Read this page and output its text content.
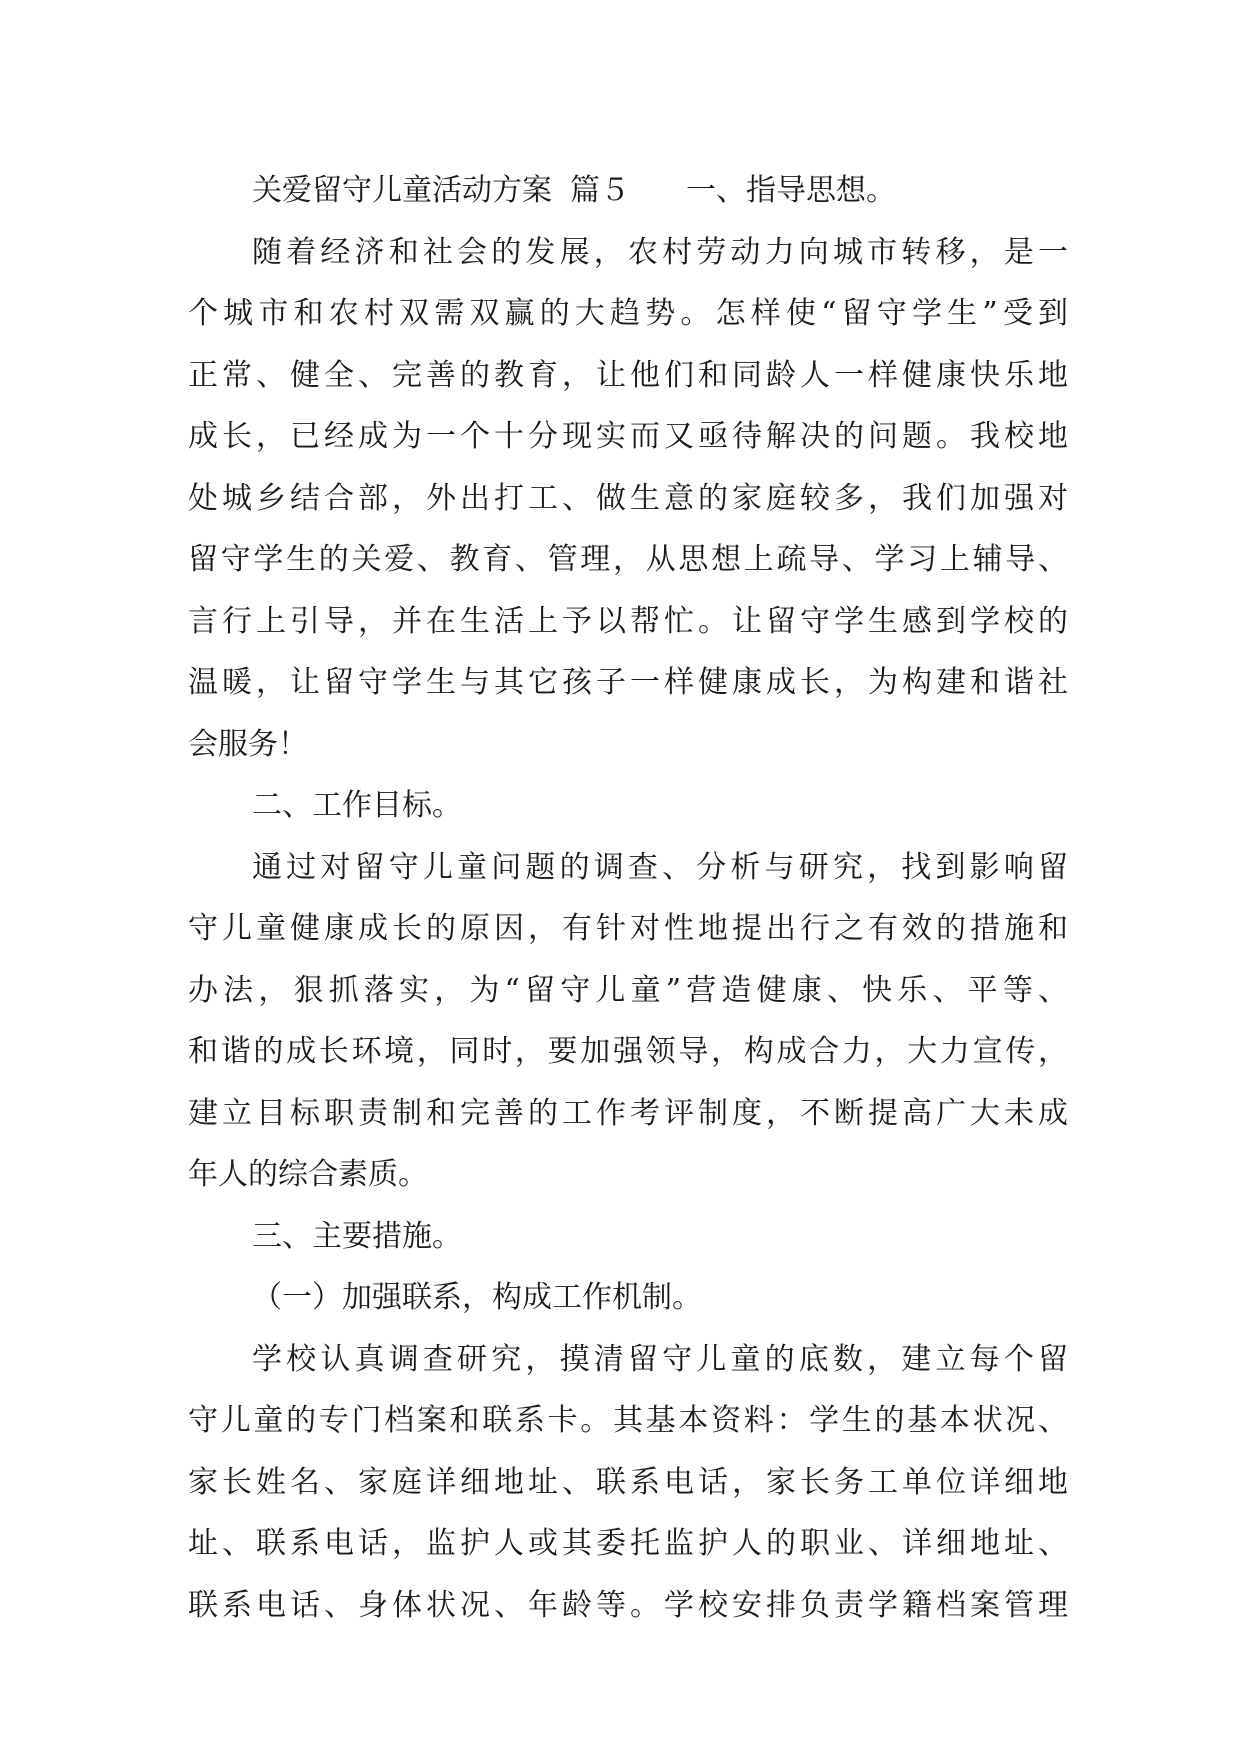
关爱留守儿童活动方案 篇５ 一、指导思想。
随着经济和社会的发展，农村劳动力向城市转移，是一
个城市和农村双需双赢的大趋势。怎样使“留守学生”受到
正常、健全、完善的教育，让他们和同龄人一样健康快乐地
成长，已经成为一个十分现实而又亟待解决的问题。我校地
处城乡结合部，外出打工、做生意的家庭较多，我们加强对
留守学生的关爱、教育、管理，从思想上疏导、学习上辅导、
言行上引导，并在生活上予以帮忙。让留守学生感到学校的
温暖，让留守学生与其它孩子一样健康成长，为构建和谐社
会服务！
二、工作目标。
通过对留守儿童问题的调查、分析与研究，找到影响留
守儿童健康成长的原因，有针对性地提出行之有效的措施和
办法，狠抓落实，为“留守儿童”营造健康、快乐、平等、
和谐的成长环境，同时，要加强领导，构成合力，大力宣传，
建立目标职责制和完善的工作考评制度，不断提高广大未成
年人的综合素质。
三、主要措施。
（一）加强联系，构成工作机制。
学校认真调查研究，摸清留守儿童的底数，建立每个留
守儿童的专门档案和联系卡。其基本资料：学生的基本状况、
家长姓名、家庭详细地址、联系电话，家长务工单位详细地
址、联系电话，监护人或其委托监护人的职业、详细地址、
联系电话、身体状况、年龄等。学校安排负责学籍档案管理
